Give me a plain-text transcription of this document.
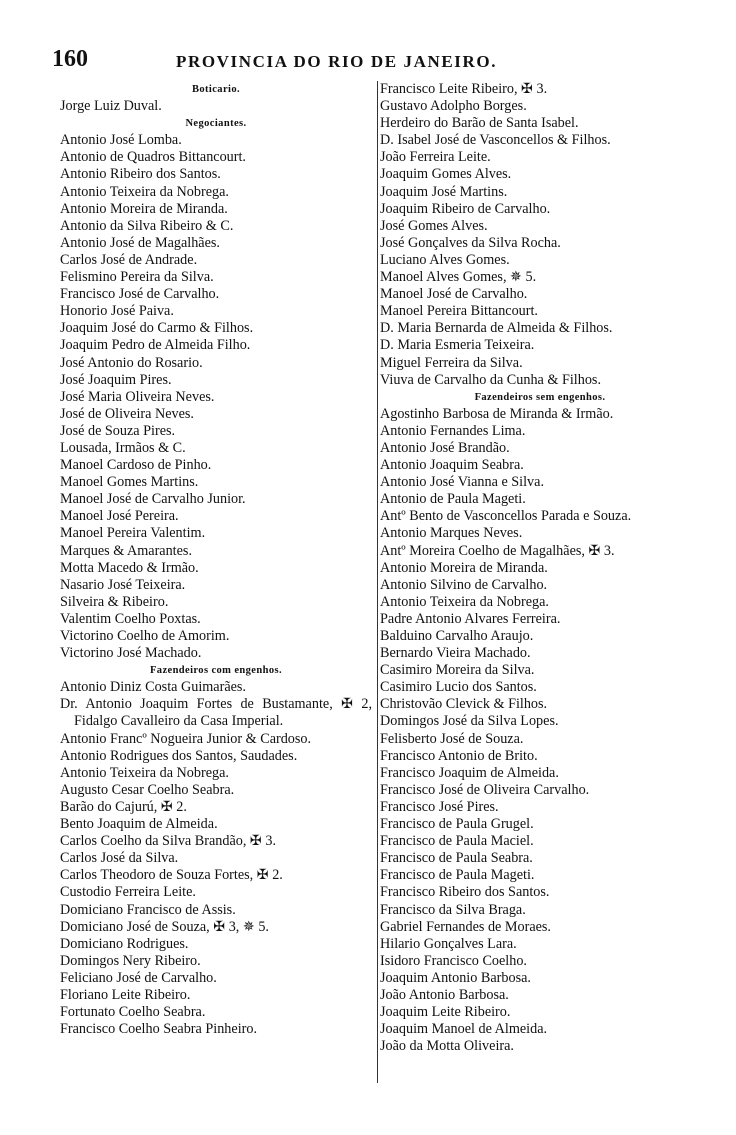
160	PROVINCIA DO RIO DE JANEIRO.
Boticario.
Jorge Luiz Duval.
Negociantes.
Antonio José Lomba.
Antonio de Quadros Bittancourt.
Antonio Ribeiro dos Santos.
Antonio Teixeira da Nobrega.
Antonio Moreira de Miranda.
Antonio da Silva Ribeiro & C.
Antonio José de Magalhães.
Carlos José de Andrade.
Felismino Pereira da Silva.
Francisco José de Carvalho.
Honorio José Paiva.
Joaquim José do Carmo & Filhos.
Joaquim Pedro de Almeida Filho.
José Antonio do Rosario.
José Joaquim Pires.
José Maria Oliveira Neves.
José de Oliveira Neves.
José de Souza Pires.
Lousada, Irmãos & C.
Manoel Cardoso de Pinho.
Manoel Gomes Martins.
Manoel José de Carvalho Junior.
Manoel José Pereira.
Manoel Pereira Valentim.
Marques & Amarantes.
Motta Macedo & Irmão.
Nasario José Teixeira.
Silveira & Ribeiro.
Valentim Coelho Poxtas.
Victorino Coelho de Amorim.
Victorino José Machado.
Fazendeiros com engenhos.
Antonio Diniz Costa Guimarães.
Dr. Antonio Joaquim Fortes de Bustamante, ✠ 2, Fidalgo Cavalleiro da Casa Imperial.
Antonio Francº Nogueira Junior & Cardoso.
Antonio Rodrigues dos Santos, Saudades.
Antonio Teixeira da Nobrega.
Augusto Cesar Coelho Seabra.
Barão do Cajurú, ✠ 2.
Bento Joaquim de Almeida.
Carlos Coelho da Silva Brandão, ✠ 3.
Carlos José da Silva.
Carlos Theodoro de Souza Fortes, ✠ 2.
Custodio Ferreira Leite.
Domiciano Francisco de Assis.
Domiciano José de Souza, ✠ 3, ✵ 5.
Domiciano Rodrigues.
Domingos Nery Ribeiro.
Feliciano José de Carvalho.
Floriano Leite Ribeiro.
Fortunato Coelho Seabra.
Francisco Coelho Seabra Pinheiro.
Francisco Leite Ribeiro, ✠ 3.
Gustavo Adolpho Borges.
Herdeiro do Barão de Santa Isabel.
D. Isabel José de Vasconcellos & Filhos.
João Ferreira Leite.
Joaquim Gomes Alves.
Joaquim José Martins.
Joaquim Ribeiro de Carvalho.
José Gomes Alves.
José Gonçalves da Silva Rocha.
Luciano Alves Gomes.
Manoel Alves Gomes, ✵ 5.
Manoel José de Carvalho.
Manoel Pereira Bittancourt.
D. Maria Bernarda de Almeida & Filhos.
D. Maria Esmeria Teixeira.
Miguel Ferreira da Silva.
Viuva de Carvalho da Cunha & Filhos.
Fazendeiros sem engenhos.
Agostinho Barbosa de Miranda & Irmão.
Antonio Fernandes Lima.
Antonio José Brandão.
Antonio Joaquim Seabra.
Antonio José Vianna e Silva.
Antonio de Paula Mageti.
Antº Bento de Vasconcellos Parada e Souza.
Antonio Marques Neves.
Antº Moreira Coelho de Magalhães, ✠ 3.
Antonio Moreira de Miranda.
Antonio Silvino de Carvalho.
Antonio Teixeira da Nobrega.
Padre Antonio Alvares Ferreira.
Balduino Carvalho Araujo.
Bernardo Vieira Machado.
Casimiro Moreira da Silva.
Casimiro Lucio dos Santos.
Christovão Clevick & Filhos.
Domingos José da Silva Lopes.
Felisberto José de Souza.
Francisco Antonio de Brito.
Francisco Joaquim de Almeida.
Francisco José de Oliveira Carvalho.
Francisco José Pires.
Francisco de Paula Grugel.
Francisco de Paula Maciel.
Francisco de Paula Seabra.
Francisco de Paula Mageti.
Francisco Ribeiro dos Santos.
Francisco da Silva Braga.
Gabriel Fernandes de Moraes.
Hilario Gonçalves Lara.
Isidoro Francisco Coelho.
Joaquim Antonio Barbosa.
João Antonio Barbosa.
Joaquim Leite Ribeiro.
Joaquim Manoel de Almeida.
João da Motta Oliveira.
